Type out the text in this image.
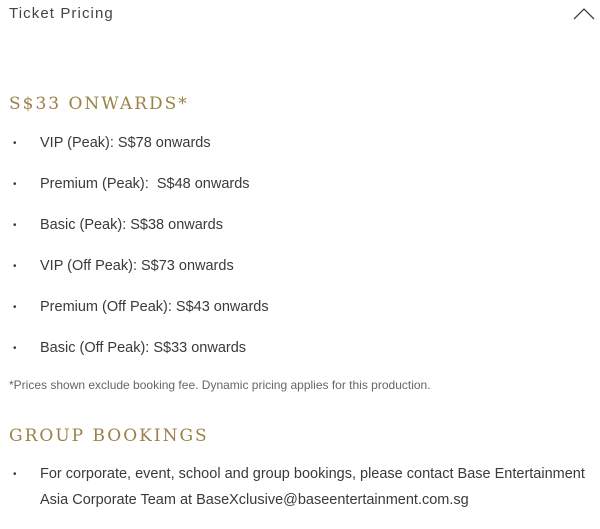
Ticket Pricing
S$33 ONWARDS*
• VIP (Peak): S$78 onwards
• Premium (Peak):  S$48 onwards
• Basic (Peak): S$38 onwards
• VIP (Off Peak): S$73 onwards
• Premium (Off Peak): S$43 onwards
• Basic (Off Peak): S$33 onwards
*Prices shown exclude booking fee. Dynamic pricing applies for this production.
GROUP BOOKINGS
• For corporate, event, school and group bookings, please contact Base Entertainment Asia Corporate Team at BaseXclusive@baseentertainment.com.sg
